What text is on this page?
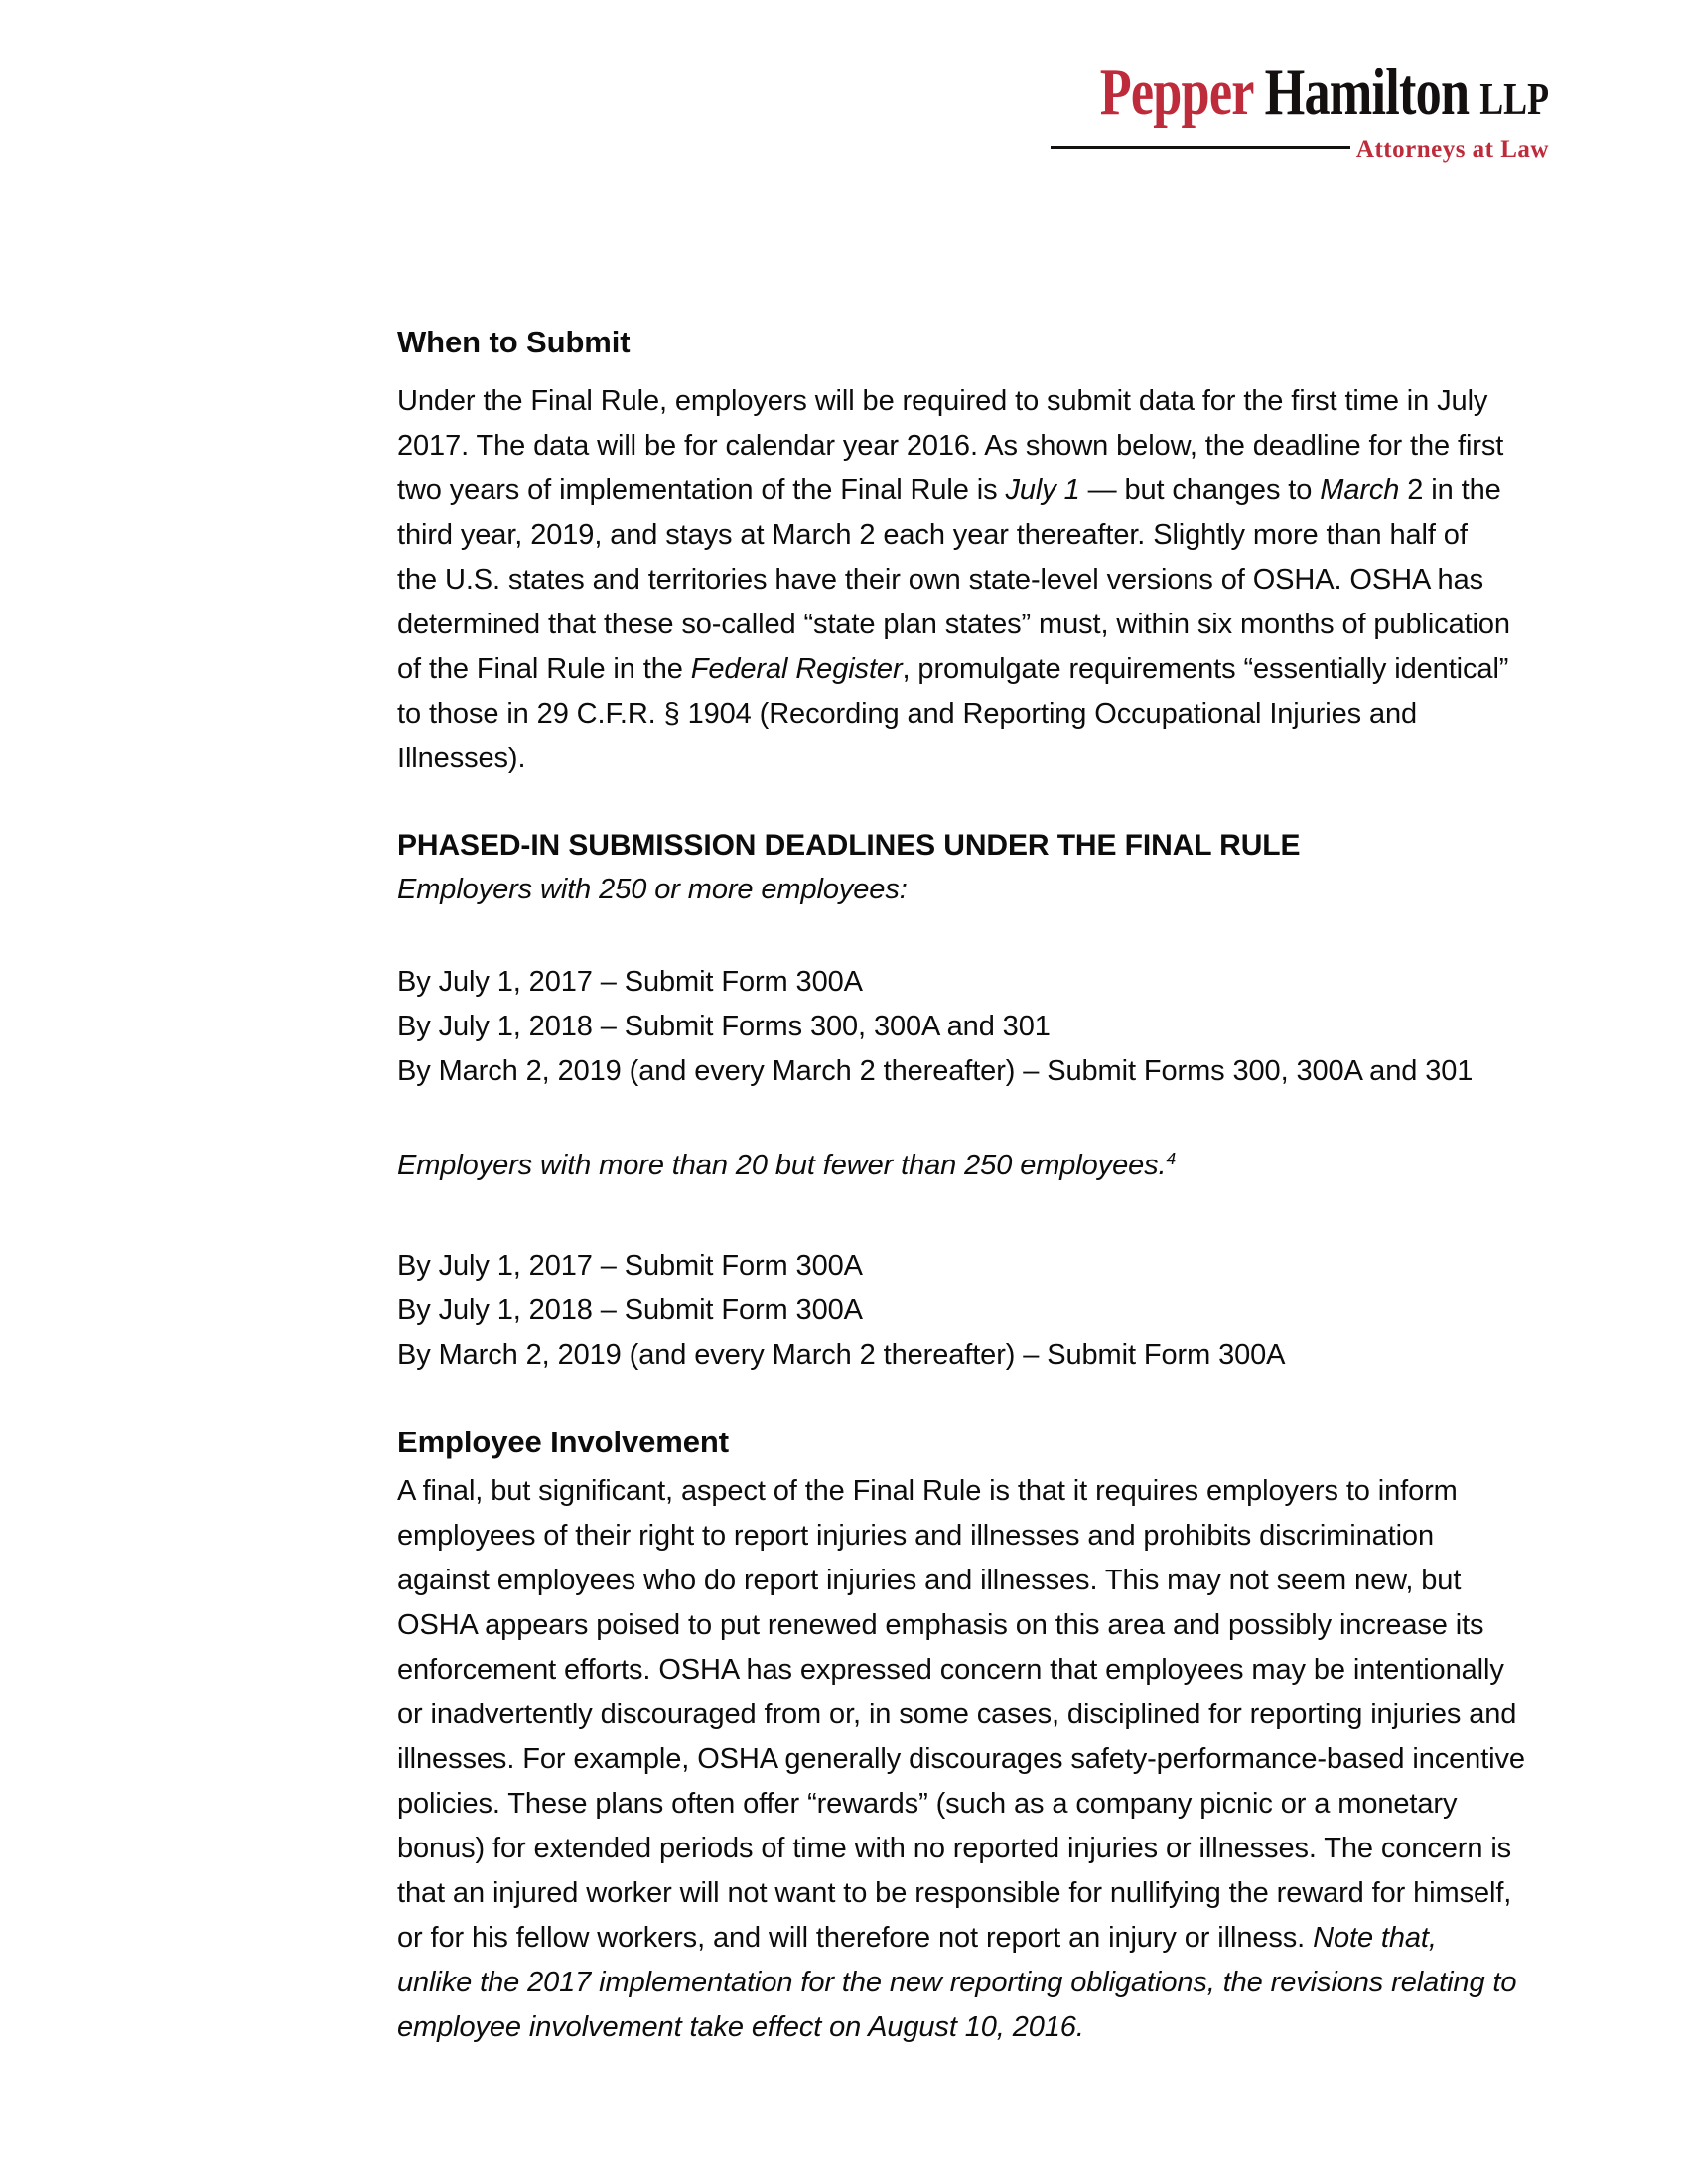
Pepper Hamilton LLP
Attorneys at Law
When to Submit
Under the Final Rule, employers will be required to submit data for the first time in July
2017. The data will be for calendar year 2016. As shown below, the deadline for the first
two years of implementation of the Final Rule is July 1 — but changes to March 2 in the
third year, 2019, and stays at March 2 each year thereafter. Slightly more than half of
the U.S. states and territories have their own state-level versions of OSHA. OSHA has
determined that these so-called “state plan states” must, within six months of publication
of the Final Rule in the Federal Register, promulgate requirements “essentially identical”
to those in 29 C.F.R. § 1904 (Recording and Reporting Occupational Injuries and
Illnesses).
PHASED-IN SUBMISSION DEADLINES UNDER THE FINAL RULE
Employers with 250 or more employees:
By July 1, 2017 – Submit Form 300A
By July 1, 2018 – Submit Forms 300, 300A and 301
By March 2, 2019 (and every March 2 thereafter) – Submit Forms 300, 300A and 301
Employers with more than 20 but fewer than 250 employees.$^4$
By July 1, 2017 – Submit Form 300A
By July 1, 2018 – Submit Form 300A
By March 2, 2019 (and every March 2 thereafter) – Submit Form 300A
Employee Involvement
A final, but significant, aspect of the Final Rule is that it requires employers to inform
employees of their right to report injuries and illnesses and prohibits discrimination
against employees who do report injuries and illnesses. This may not seem new, but
OSHA appears poised to put renewed emphasis on this area and possibly increase its
enforcement efforts. OSHA has expressed concern that employees may be intentionally
or inadvertently discouraged from or, in some cases, disciplined for reporting injuries and
illnesses. For example, OSHA generally discourages safety-performance-based incentive
policies. These plans often offer “rewards” (such as a company picnic or a monetary
bonus) for extended periods of time with no reported injuries or illnesses. The concern is
that an injured worker will not want to be responsible for nullifying the reward for himself,
or for his fellow workers, and will therefore not report an injury or illness. Note that,
unlike the 2017 implementation for the new reporting obligations, the revisions relating to
employee involvement take effect on August 10, 2016.
